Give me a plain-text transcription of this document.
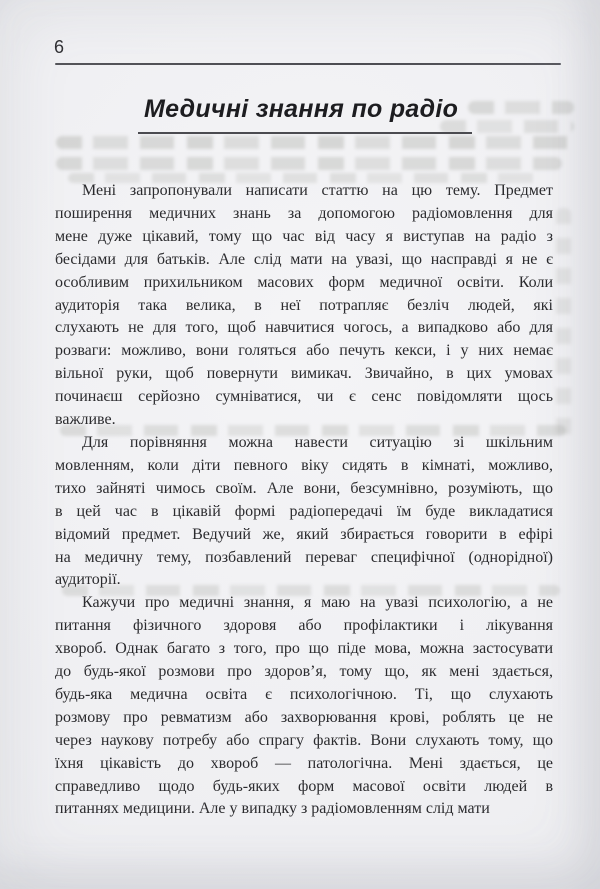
6
Медичні знання по радіо
Мені запропонували написати статтю на цю тему. Предмет
поширення медичних знань за допомогою радіомовлення для
мене дуже цікавий, тому що час від часу я виступав на радіо з
бесідами для батьків. Але слід мати на увазі, що насправді я не є
особливим прихильником масових форм медичної освіти. Коли
аудиторія така велика, в неї потрапляє безліч людей, які
слухають не для того, щоб навчитися чогось, а випадково або для
розваги: можливо, вони голяться або печуть кекси, і у них немає
вільної руки, щоб повернути вимикач. Звичайно, в цих умовах
починаєш серйозно сумніватися, чи є сенс повідомляти щось
важливе.
Для порівняння можна навести ситуацію зі шкільним
мовленням, коли діти певного віку сидять в кімнаті, можливо,
тихо зайняті чимось своїм. Але вони, безсумнівно, розуміють, що
в цей час в цікавій формі радіопередачі їм буде викладатися
відомий предмет. Ведучий же, який збирається говорити в ефірі
на медичну тему, позбавлений переваг специфічної (однорідної)
аудиторії.
Кажучи про медичні знання, я маю на увазі психологію, а не
питання фізичного здоровя або профілактики і лікування
хвороб. Однак багато з того, про що піде мова, можна застосувати
до будь-якої розмови про здоров’я, тому що, як мені здається,
будь-яка медична освіта є психологічною. Ті, що слухають
розмову про ревматизм або захворювання крові, роблять це не
через наукову потребу або спрагу фактів. Вони слухають тому, що
їхня цікавість до хвороб — патологічна. Мені здається, це
справедливо щодо будь-яких форм масової освіти людей в
питаннях медицини. Але у випадку з радіомовленням слід мати
